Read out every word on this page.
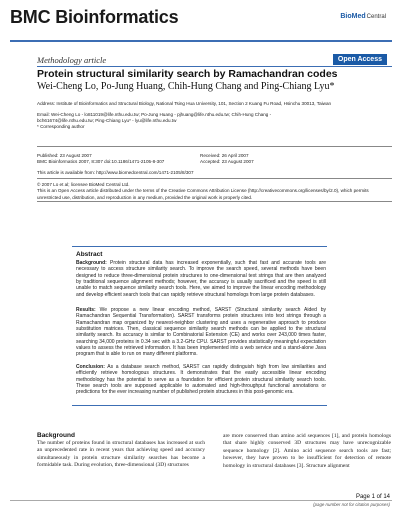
BMC Bioinformatics	BioMed Central
Methodology article	Open Access
Protein structural similarity search by Ramachandran codes
Wei-Cheng Lo, Po-Jung Huang, Chih-Hung Chang and Ping-Chiang Lyu*
Address: Institute of Bioinformatics and Structural Biology, National Tsing Hua University, 101, Section 2 Kuang Fu Road, Hsinchu 30013, Taiwan
Email: Wei-Cheng Lo - lo811019@life.nthu.edu.tw; Po-Jung Huang - pjhuang@life.nthu.edu.tw; Chih-Hung Chang - bch61674@life.nthu.edu.tw; Ping-Chiang Lyu* - lyu@life.nthu.edu.tw
* Corresponding author
Published: 23 August 2007
BMC Bioinformatics 2007, 8:307 doi:10.1186/1471-2105-8-307
Received: 26 April 2007
Accepted: 23 August 2007
This article is available from: http://www.biomedcentral.com/1471-2105/8/307
© 2007 Lo et al; licensee BioMed Central Ltd.
This is an Open Access article distributed under the terms of the Creative Commons Attribution License (http://creativecommons.org/licenses/by/2.0), which permits unrestricted use, distribution, and reproduction in any medium, provided the original work is properly cited.
Abstract
Background: Protein structural data has increased exponentially, such that fast and accurate tools are necessary to access structure similarity search. To improve the search speed, several methods have been designed to reduce three-dimensional protein structures to one-dimensional text strings that are then analyzed by traditional sequence alignment methods; however, the accuracy is usually sacrificed and the speed is still unable to match sequence similarity search tools. Here, we aimed to improve the linear encoding methodology and develop efficient search tools that can rapidly retrieve structural homologs from large protein databases.
Results: We propose a new linear encoding method, SARST (Structural similarity search Aided by Ramachandran Sequential Transformation). SARST transforms protein structures into text strings through a Ramachandran map organized by nearest-neighbor clustering and uses a regenerative approach to produce substitution matrices. Then, classical sequence similarity search methods can be applied to the structural similarity search. Its accuracy is similar to Combinatorial Extension (CE) and works over 243,000 times faster, searching 34,000 proteins in 0.34 sec with a 3.2-GHz CPU. SARST provides statistically meaningful expectation values to assess the retrieved information. It has been implemented into a web service and a stand-alone Java program that is able to run on many different platforms.
Conclusion: As a database search method, SARST can rapidly distinguish high from low similarities and efficiently retrieve homologous structures. It demonstrates that the easily accessible linear encoding methodology has the potential to serve as a foundation for efficient protein structural similarity search tools. These search tools are supposed applicable to automated and high-throughput functional annotations or predictions for the ever increasing number of published protein structures in this post-genomic era.
Background
The number of proteins found in structural databases has increased at such an unprecedented rate in recent years that achieving speed and accuracy simultaneously in protein structure similarity searches has become a formidable task. During evolution, three-dimensional (3D) structures
are more conserved than amino acid sequences [1], and protein homologs that share highly conserved 3D structures may have unrecognizable sequence homology [2]. Amino acid sequence search tools are fast; however, they have proven to be insufficient for detection of remote homology in structural databases [3]. Structure alignment
Page 1 of 14
(page number not for citation purposes)
